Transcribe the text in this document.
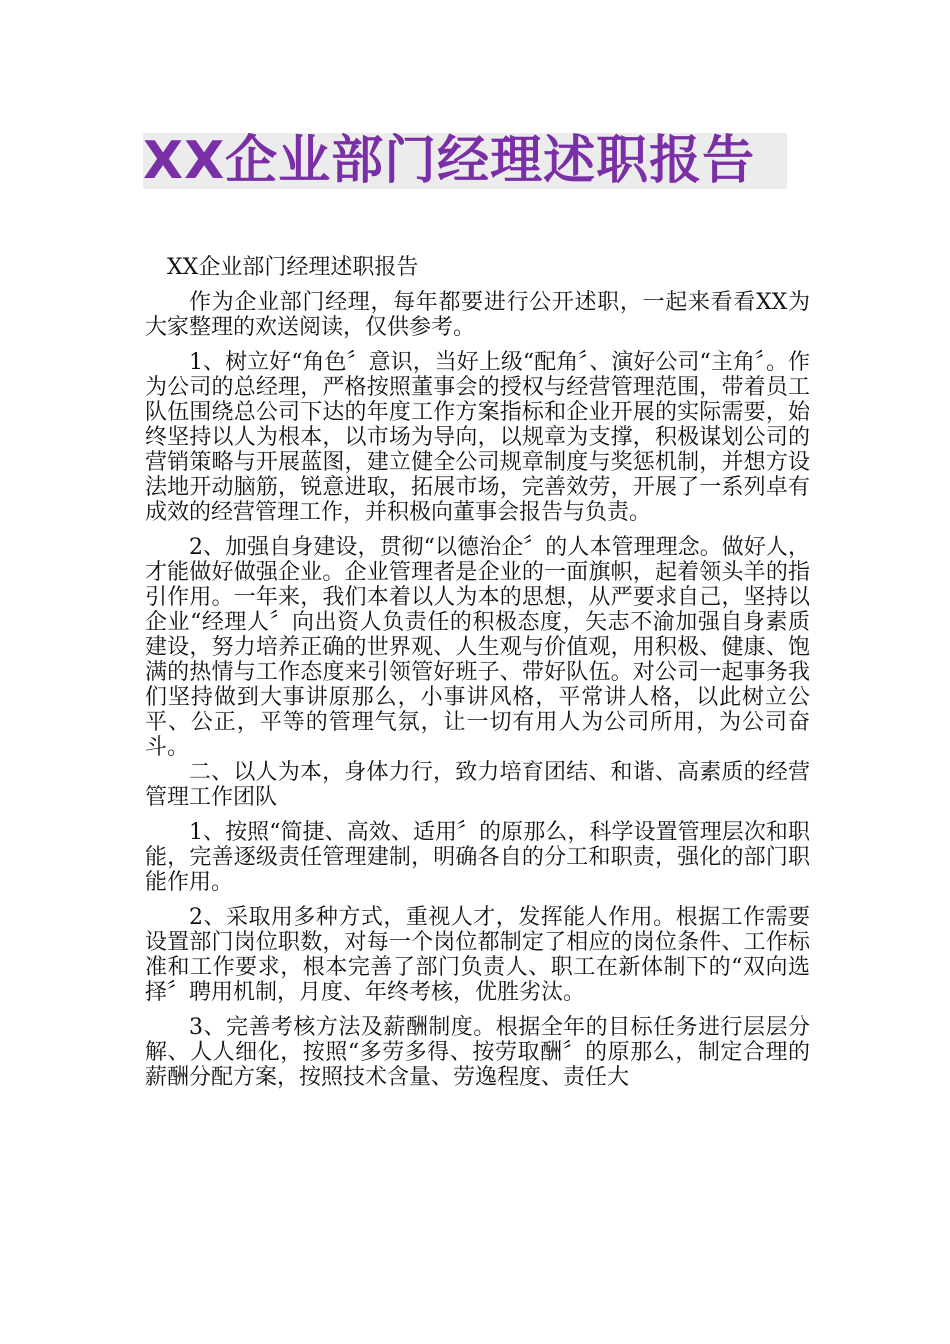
XX企业部门经理述职报告

XX企业部门经理述职报告

作为企业部门经理，每年都要进行公开述职，一起来看看XX为大家整理的欢送阅读，仅供参考。

1、树立好“角色〞意识，当好上级“配角〞、演好公司“主角〞。作为公司的总经理，严格按照董事会的授权与经营管理范围，带着员工队伍围绕总公司下达的年度工作方案指标和企业开展的实际需要，始终坚持以人为根本，以市场为导向，以规章为支撑，积极谋划公司的营销策略与开展蓝图，建立健全公司规章制度与奖惩机制，并想方设法地开动脑筋，锐意进取，拓展市场，完善效劳，开展了一系列卓有成效的经营管理工作，并积极向董事会报告与负责。

2、加强自身建设，贯彻“以德治企〞的人本管理理念。做好人，才能做好做强企业。企业管理者是企业的一面旗帜，起着领头羊的指引作用。一年来，我们本着以人为本的思想，从严要求自己，坚持以企业“经理人〞向出资人负责任的积极态度，矢志不渝加强自身素质建设，努力培养正确的世界观、人生观与价值观，用积极、健康、饱满的热情与工作态度来引领管好班子、带好队伍。对公司一起事务我们坚持做到大事讲原那么，小事讲风格，平常讲人格，以此树立公平、公正，平等的管理气氛，让一切有用人为公司所用，为公司奋斗。

二、以人为本，身体力行，致力培育团结、和谐、高素质的经营管理工作团队

1、按照“简捷、高效、适用〞的原那么，科学设置管理层次和职能，完善逐级责任管理建制，明确各自的分工和职责，强化的部门职能作用。

2、采取用多种方式，重视人才，发挥能人作用。根据工作需要设置部门岗位职数，对每一个岗位都制定了相应的岗位条件、工作标准和工作要求，根本完善了部门负责人、职工在新体制下的“双向选择〞聘用机制，月度、年终考核，优胜劣汰。

3、完善考核方法及薪酬制度。根据全年的目标任务进行层层分解、人人细化，按照“多劳多得、按劳取酬〞的原那么，制定合理的薪酬分配方案，按照技术含量、劳逸程度、责任大
